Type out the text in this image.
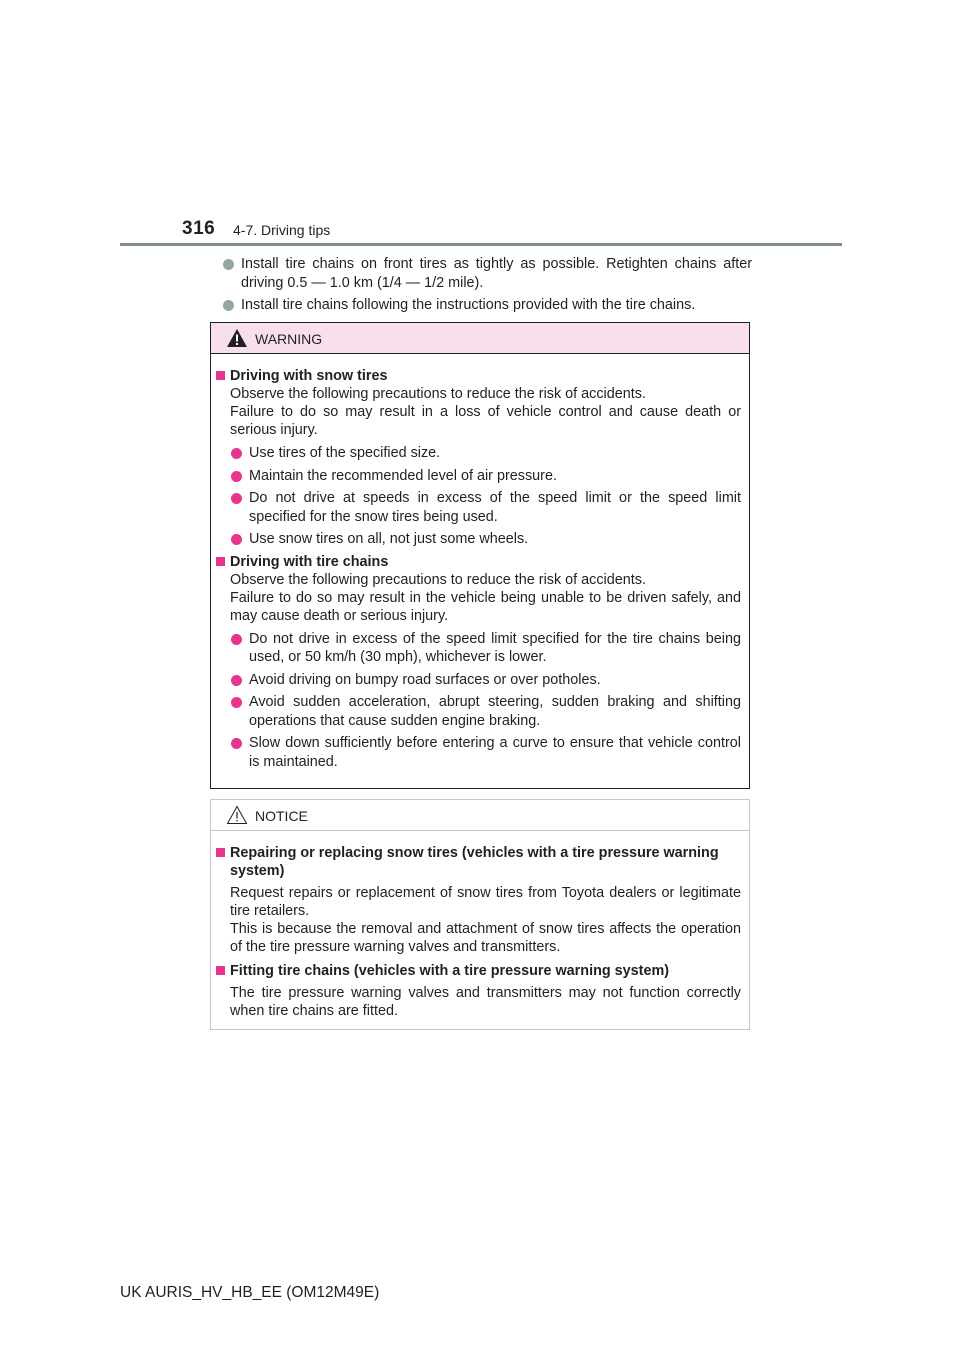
316 4-7. Driving tips
Install tire chains on front tires as tightly as possible. Retighten chains after driving 0.5 — 1.0 km (1/4 — 1/2 mile).
Install tire chains following the instructions provided with the tire chains.
WARNING
Driving with snow tires
Observe the following precautions to reduce the risk of accidents.
Failure to do so may result in a loss of vehicle control and cause death or serious injury.
Use tires of the specified size.
Maintain the recommended level of air pressure.
Do not drive at speeds in excess of the speed limit or the speed limit specified for the snow tires being used.
Use snow tires on all, not just some wheels.
Driving with tire chains
Observe the following precautions to reduce the risk of accidents.
Failure to do so may result in the vehicle being unable to be driven safely, and may cause death or serious injury.
Do not drive in excess of the speed limit specified for the tire chains being used, or 50 km/h (30 mph), whichever is lower.
Avoid driving on bumpy road surfaces or over potholes.
Avoid sudden acceleration, abrupt steering, sudden braking and shifting operations that cause sudden engine braking.
Slow down sufficiently before entering a curve to ensure that vehicle control is maintained.
NOTICE
Repairing or replacing snow tires (vehicles with a tire pressure warning system)
Request repairs or replacement of snow tires from Toyota dealers or legitimate tire retailers.
This is because the removal and attachment of snow tires affects the operation of the tire pressure warning valves and transmitters.
Fitting tire chains (vehicles with a tire pressure warning system)
The tire pressure warning valves and transmitters may not function correctly when tire chains are fitted.
UK AURIS_HV_HB_EE (OM12M49E)
